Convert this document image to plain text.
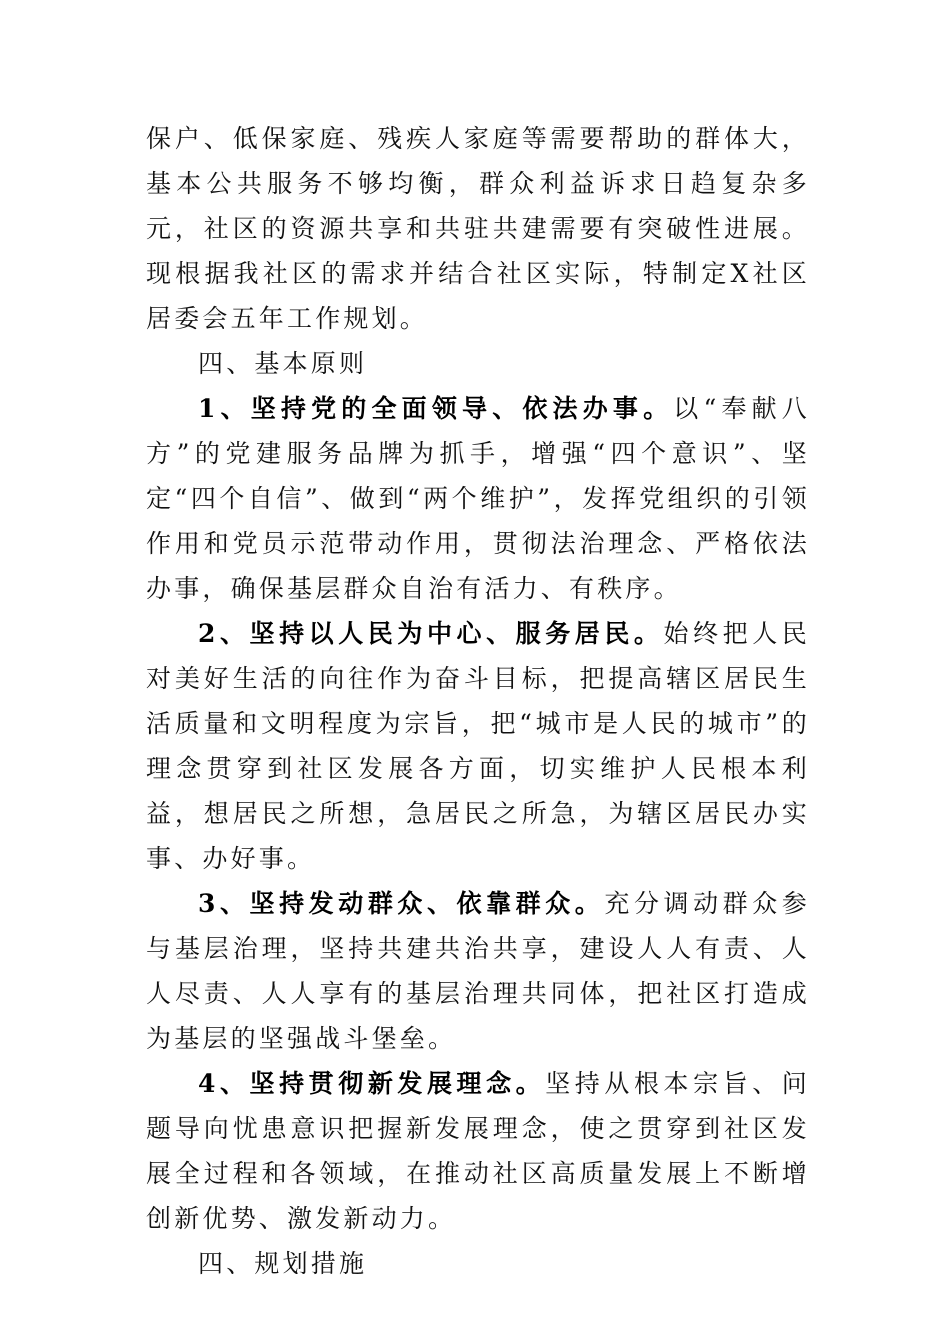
保户、低保家庭、残疾人家庭等需要帮助的群体大，基本公共服务不够均衡，群众利益诉求日趋复杂多元，社区的资源共享和共驻共建需要有突破性进展。现根据我社区的需求并结合社区实际，特制定X社区居委会五年工作规划。

四、基本原则

1、坚持党的全面领导、依法办事。以“奉献八方”的党建服务品牌为抓手，增强“四个意识”、坚定“四个自信”、做到“两个维护”，发挥党组织的引领作用和党员示范带动作用，贯彻法治理念、严格依法办事，确保基层群众自治有活力、有秩序。

2、坚持以人民为中心、服务居民。始终把人民对美好生活的向往作为奋斗目标，把提高辖区居民生活质量和文明程度为宗旨，把“城市是人民的城市”的理念贯穿到社区发展各方面，切实维护人民根本利益，想居民之所想，急居民之所急，为辖区居民办实事、办好事。

3、坚持发动群众、依靠群众。充分调动群众参与基层治理，坚持共建共治共享，建设人人有责、人人尽责、人人享有的基层治理共同体，把社区打造成为基层的坚强战斗堡垒。

4、坚持贯彻新发展理念。坚持从根本宗旨、问题导向忧患意识把握新发展理念，使之贯穿到社区发展全过程和各领域，在推动社区高质量发展上不断增创新优势、激发新动力。

四、规划措施
